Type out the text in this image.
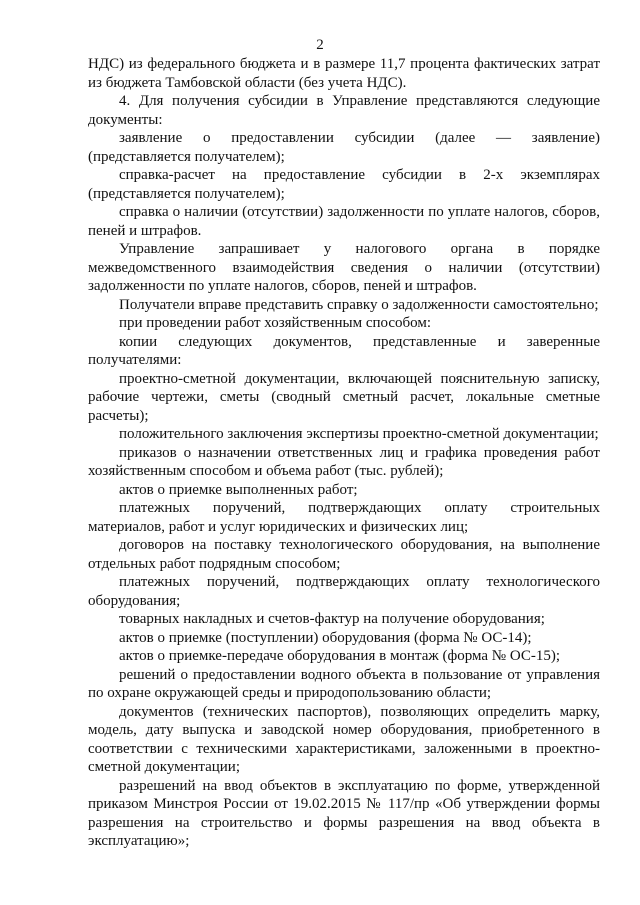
2

НДС) из федерального бюджета и в размере 11,7 процента фактических затрат из бюджета Тамбовской области (без учета НДС).

4. Для получения субсидии в Управление представляются следующие документы:

заявление о предоставлении субсидии (далее — заявление) (представляется получателем);

справка-расчет на предоставление субсидии в 2-х экземплярах (представляется получателем);

справка о наличии (отсутствии) задолженности по уплате налогов, сборов, пеней и штрафов.

Управление запрашивает у налогового органа в порядке межведомственного взаимодействия сведения о наличии (отсутствии) задолженности по уплате налогов, сборов, пеней и штрафов.

Получатели вправе представить справку о задолженности самостоятельно;

при проведении работ хозяйственным способом:

копии следующих документов, представленные и заверенные получателями:

проектно-сметной документации, включающей пояснительную записку, рабочие чертежи, сметы (сводный сметный расчет, локальные сметные расчеты);

положительного заключения экспертизы проектно-сметной документации;

приказов о назначении ответственных лиц и графика проведения работ хозяйственным способом и объема работ (тыс. рублей);

актов о приемке выполненных работ;

платежных поручений, подтверждающих оплату строительных материалов, работ и услуг юридических и физических лиц;

договоров на поставку технологического оборудования, на выполнение отдельных работ подрядным способом;

платежных поручений, подтверждающих оплату технологического оборудования;

товарных накладных и счетов-фактур на получение оборудования;

актов о приемке (поступлении) оборудования (форма № ОС-14);

актов о приемке-передаче оборудования в монтаж (форма № ОС-15);

решений о предоставлении водного объекта в пользование от управления по охране окружающей среды и природопользованию области;

документов (технических паспортов), позволяющих определить марку, модель, дату выпуска и заводской номер оборудования, приобретенного в соответствии с техническими характеристиками, заложенными в проектно-сметной документации;

разрешений на ввод объектов в эксплуатацию по форме, утвержденной приказом Минстроя России от 19.02.2015 № 117/пр «Об утверждении формы разрешения на строительство и формы разрешения на ввод объекта в эксплуатацию»;
